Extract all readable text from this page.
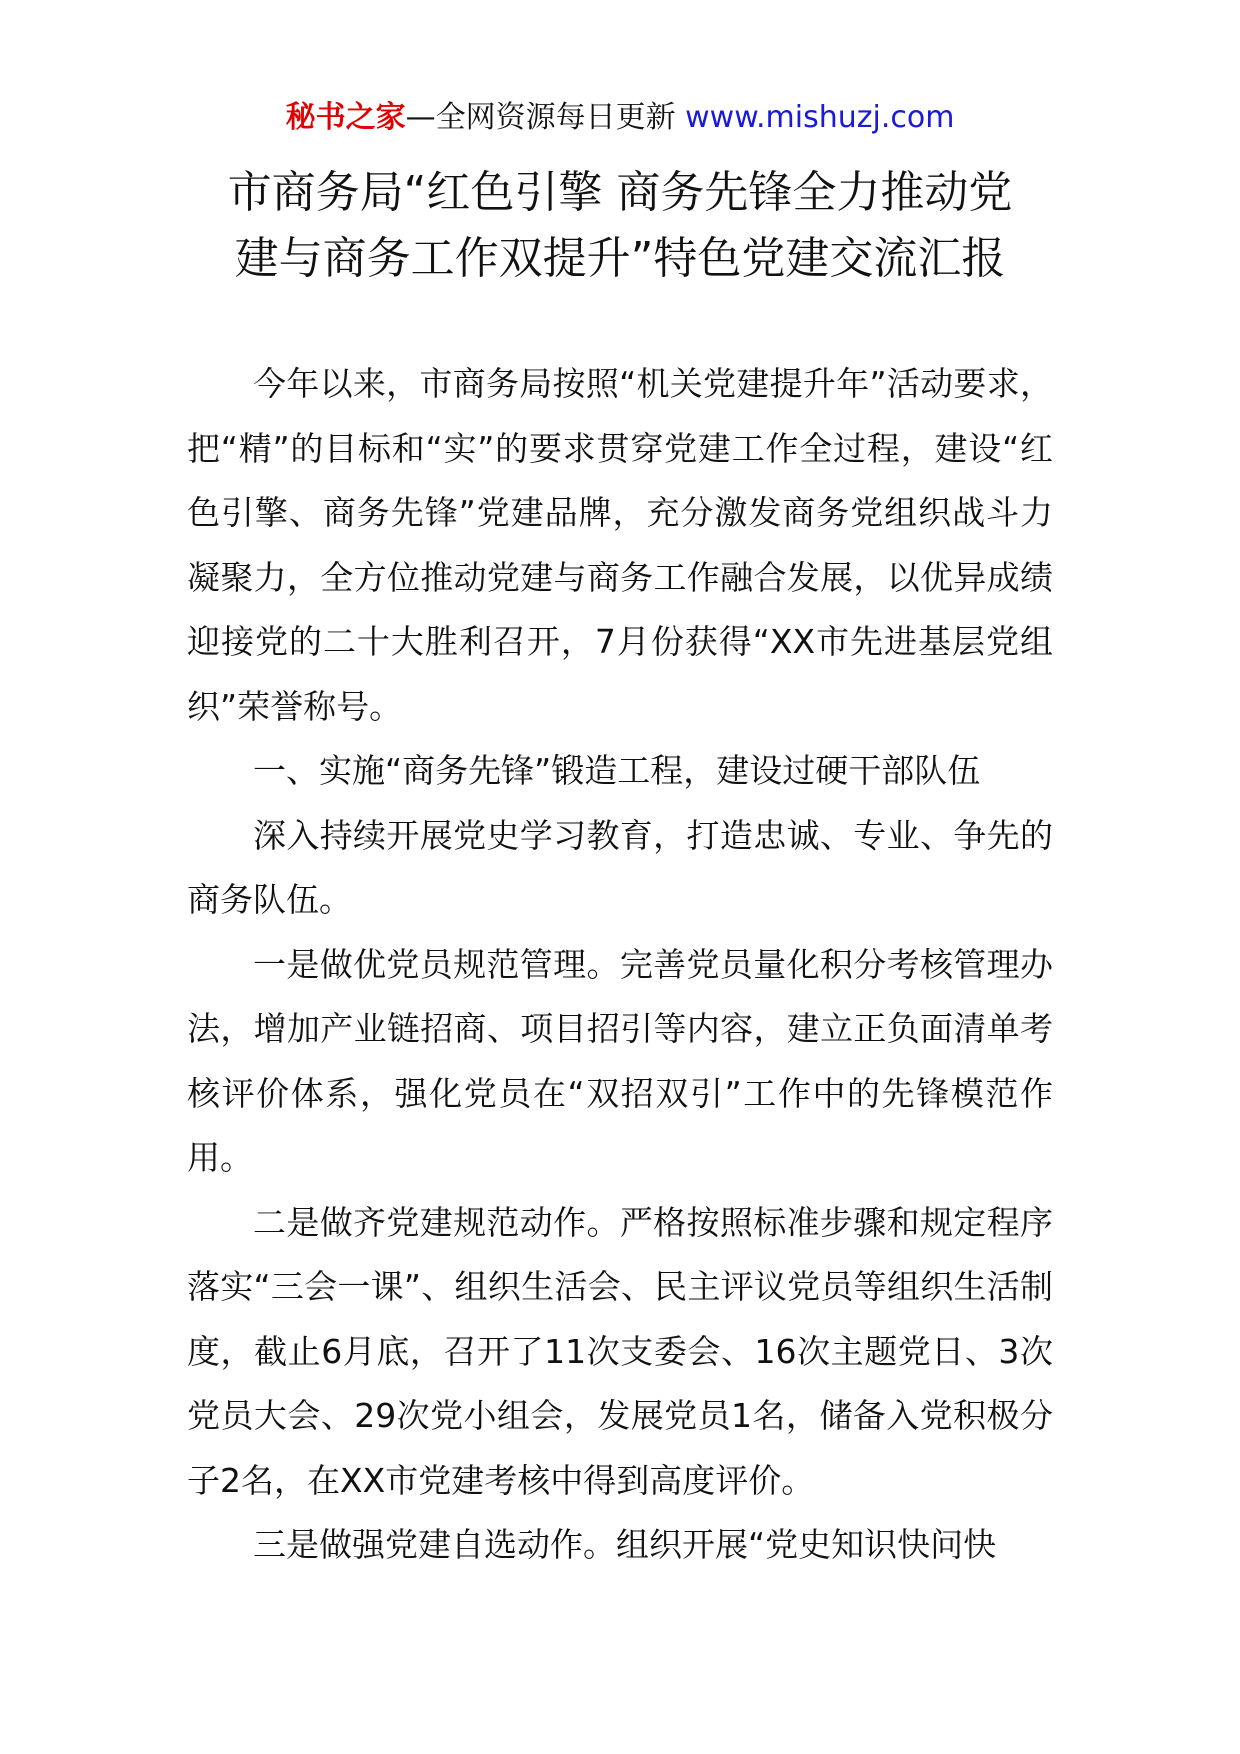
秘书之家—全网资源每日更新 www.mishuzj.com
市商务局“红色引擎 商务先锋全力推动党
建与商务工作双提升”特色党建交流汇报

今年以来，市商务局按照“机关党建提升年”活动要求，把“精”的目标和“实”的要求贯穿党建工作全过程，建设“红色引擎、商务先锋”党建品牌，充分激发商务党组织战斗力凝聚力，全方位推动党建与商务工作融合发展，以优异成绩迎接党的二十大胜利召开，7月份获得“XX市先进基层党组织”荣誉称号。

一、实施“商务先锋”锻造工程，建设过硬干部队伍

深入持续开展党史学习教育，打造忠诚、专业、争先的商务队伍。

一是做优党员规范管理。完善党员量化积分考核管理办法，增加产业链招商、项目招引等内容，建立正负面清单考核评价体系，强化党员在“双招双引”工作中的先锋模范作用。

二是做齐党建规范动作。严格按照标准步骤和规定程序落实“三会一课”、组织生活会、民主评议党员等组织生活制度，截止6月底，召开了11次支委会、16次主题党日、3次党员大会、29次党小组会，发展党员1名，储备入党积极分子2名，在XX市党建考核中得到高度评价。

三是做强党建自选动作。组织开展“党史知识快问快
